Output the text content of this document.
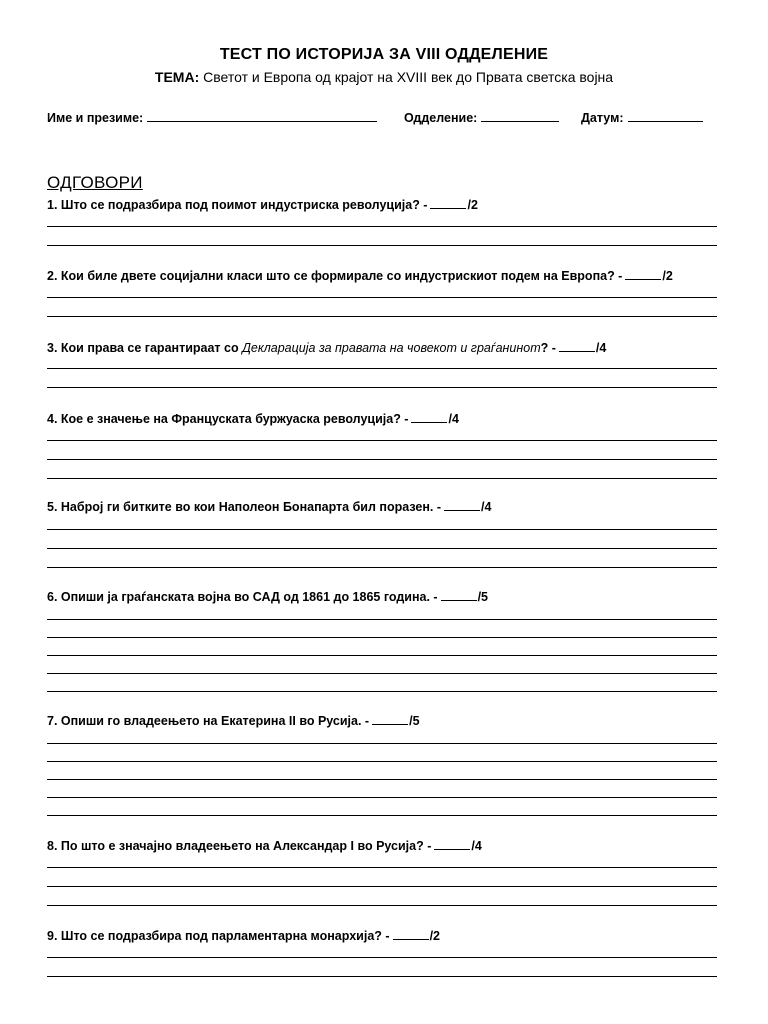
ТЕСТ ПО ИСТОРИЈА ЗА VIII ОДДЕЛЕНИЕ
ТЕМА: Светот и Европа од крајот на XVIII век до Првата светска војна
Име и презиме:	Одделение:	Датум:
ОДГОВОРИ
1. Што се подразбира под поимот индустриска револуција? -	/2
2. Кои биле двете социјални класи што се формирале со индустрискиот подем на Европа? -	/2
3. Кои права се гарантираат со Декларација за правата на човекот и граѓанинот? -	/4
4. Кое е значење на Француската буржуаска револуција? -	/4
5. Наброј ги битките во кои Наполеон Бонапарта бил поразен. -	/4
6. Опиши ја граѓанската војна во САД од 1861 до 1865 година. -	/5
7. Опиши го владеењето на Екатерина II во Русија. -	/5
8. По што е значајно владеењето на Александар I во Русија? -	/4
9. Што се подразбира под парламентарна монархија? -	/2
